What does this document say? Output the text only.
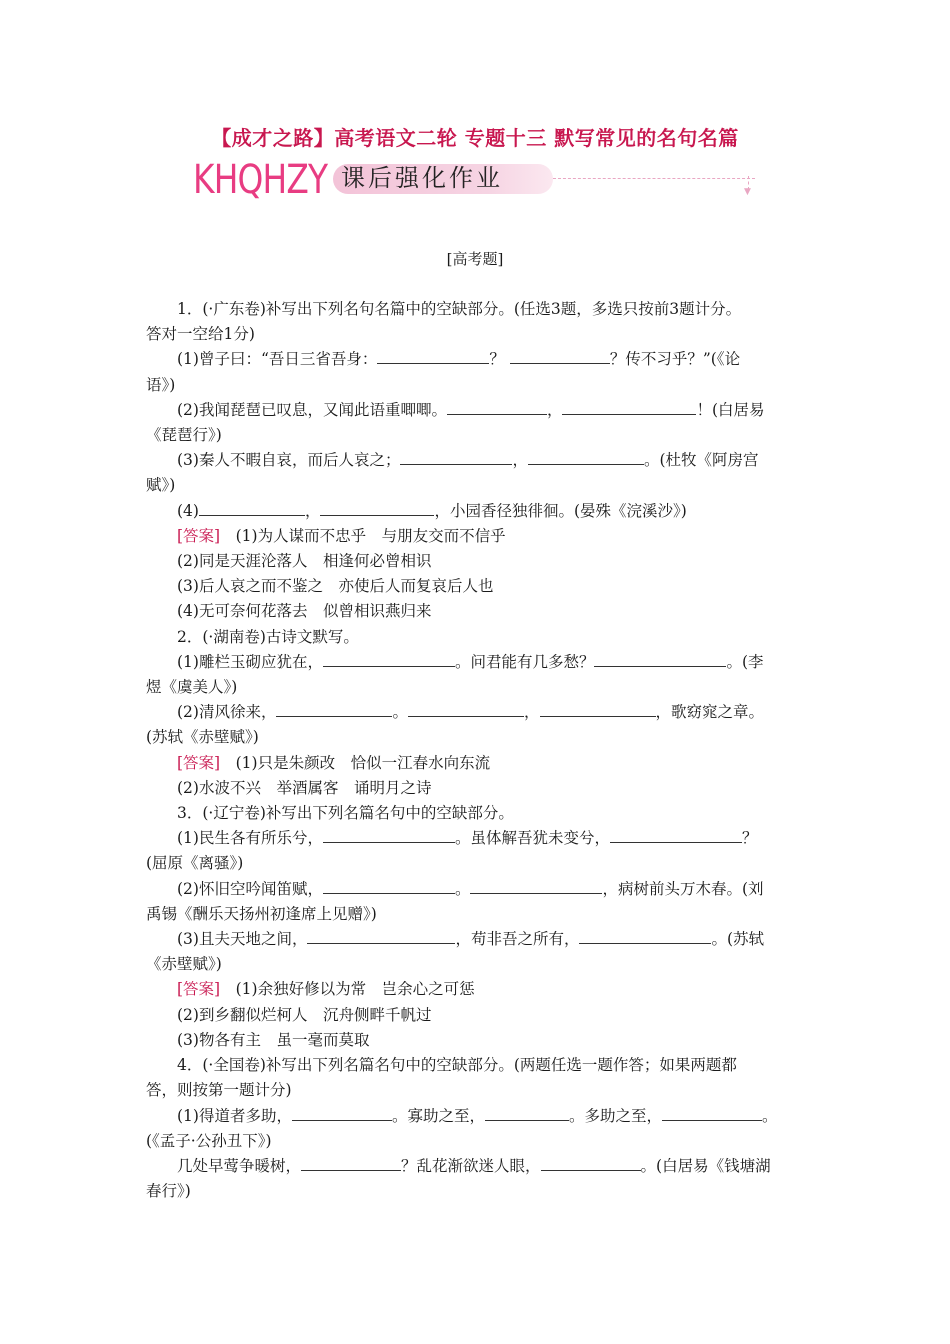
【成才之路】高考语文二轮 专题十三 默写常见的名句名篇
KHQHZY 课后强化作业	▼
[高考题]

1．(·广东卷)补写出下列名句名篇中的空缺部分。(任选3题，多选只按前3题计分。

答对一空给1分)

(1)曾子曰：“吾日三省吾身：	？	？传不习乎？”(《论

语》)

(2)我闻琵琶已叹息，又闻此语重唧唧。	，	！(白居易

《琵琶行》)

(3)秦人不暇自哀，而后人哀之；	，	。(杜牧《阿房宫

赋》)

(4)	，	，小园香径独徘徊。(晏殊《浣溪沙》)

[答案]　 (1)为人谋而不忠乎　与朋友交而不信乎

(2)同是天涯沦落人　相逢何必曾相识

(3)后人哀之而不鉴之　亦使后人而复哀后人也

(4)无可奈何花落去　似曾相识燕归来

2．(·湖南卷)古诗文默写。

(1)雕栏玉砌应犹在，	。问君能有几多愁？	。(李

煜《虞美人》)

(2)清风徐来，	。	，	，歌窈窕之章。

(苏轼《赤壁赋》)

[答案]　 (1)只是朱颜改　恰似一江春水向东流

(2)水波不兴　举酒属客　诵明月之诗

3．(·辽宁卷)补写出下列名篇名句中的空缺部分。

(1)民生各有所乐兮，	。虽体解吾犹未变兮，	？

(屈原《离骚》)

(2)怀旧空吟闻笛赋，	。	，病树前头万木春。(刘

禹锡《酬乐天扬州初逢席上见赠》)

(3)且夫天地之间，	，苟非吾之所有，	。(苏轼

《赤壁赋》)

[答案]　 (1)余独好修以为常　岂余心之可惩

(2)到乡翻似烂柯人　沉舟侧畔千帆过

(3)物各有主　虽一毫而莫取

4．(·全国卷)补写出下列名篇名句中的空缺部分。(两题任选一题作答；如果两题都

答，则按第一题计分)

(1)得道者多助，	。寡助之至，	。多助之至，	。

(《孟子·公孙丑下》)

几处早莺争暖树，	？乱花渐欲迷人眼，	。(白居易《钱塘湖

春行》)
